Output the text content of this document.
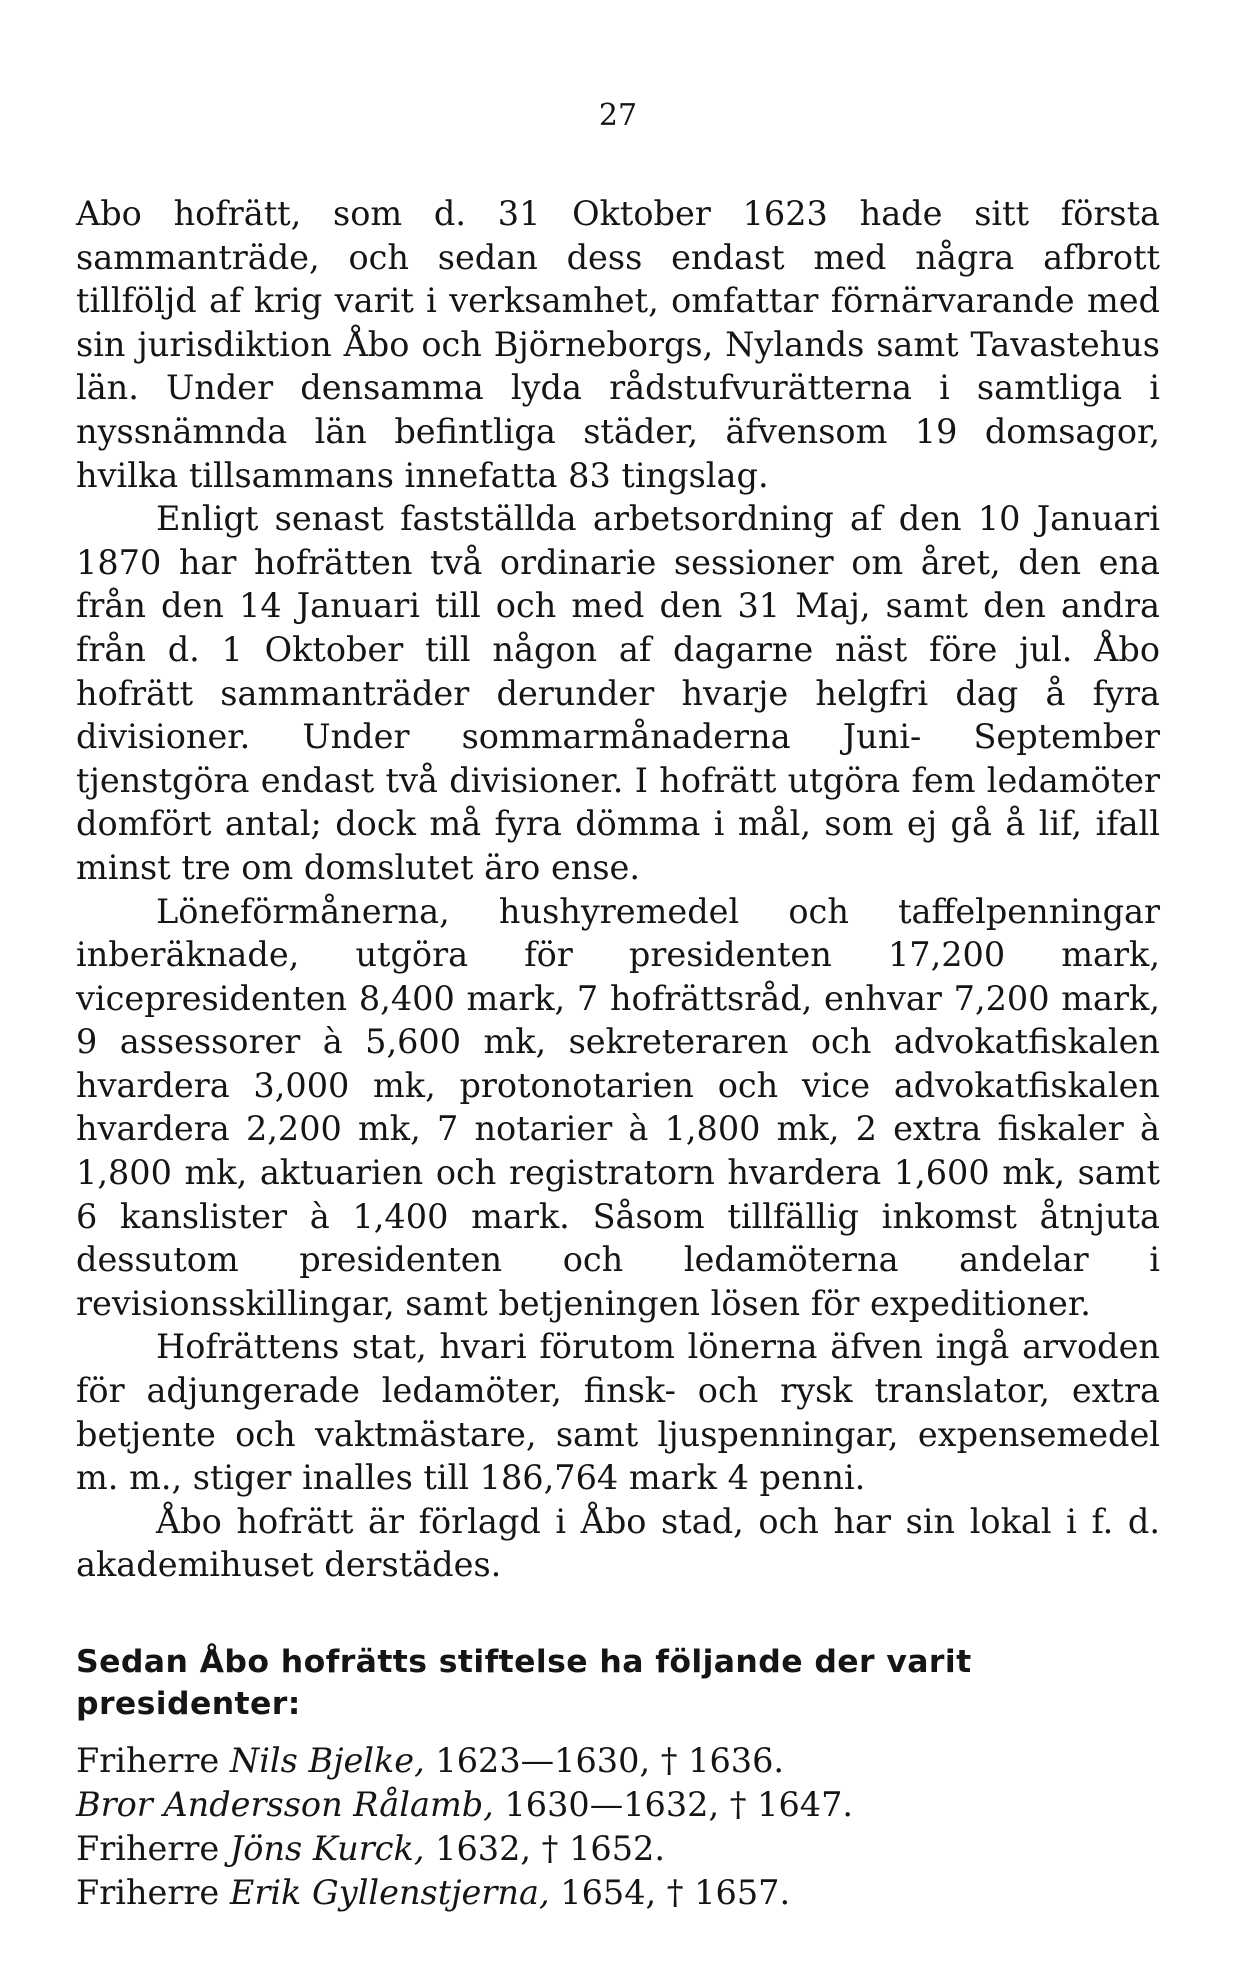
27

Abo hofrätt, som d. 31 Oktober 1623 hade sitt första sammanträde, och sedan dess endast med några afbrott tillföljd af krig varit i verksamhet, omfattar förnärvarande med sin jurisdiktion Åbo och Björneborgs, Nylands samt Tavastehus län. Under densamma lyda rådstufvurätterna i samtliga i nyssnämnda län befintliga städer, äfvensom 19 domsagor, hvilka tillsammans innefatta 83 tingslag.

Enligt senast fastställda arbetsordning af den 10 Januari 1870 har hofrätten två ordinarie sessioner om året, den ena från den 14 Januari till och med den 31 Maj, samt den andra från d. 1 Oktober till någon af dagarne näst före jul. Åbo hofrätt sammanträder derunder hvarje helgfri dag å fyra divisioner. Under sommarmånaderna Juni- September tjenstgöra endast två divisioner. I hofrätt utgöra fem ledamöter domfört antal; dock må fyra dömma i mål, som ej gå å lif, ifall minst tre om domslutet äro ense.

Löneförmånerna, hushyremedel och taffelpenningar inberäknade, utgöra för presidenten 17,200 mark, vicepresidenten 8,400 mark, 7 hofrättsråd, enhvar 7,200 mark, 9 assessorer à 5,600 mk, sekreteraren och advokatfiskalen hvardera 3,000 mk, protonotarien och vice advokatfiskalen hvardera 2,200 mk, 7 notarier à 1,800 mk, 2 extra fiskaler à 1,800 mk, aktuarien och registratorn hvardera 1,600 mk, samt 6 kanslister à 1,400 mark. Såsom tillfällig inkomst åtnjuta dessutom presidenten och ledamöterna andelar i revisionsskillingar, samt betjeningen lösen för expeditioner.

Hofrättens stat, hvari förutom lönerna äfven ingå arvoden för adjungerade ledamöter, finsk- och rysk translator, extra betjente och vaktmästare, samt ljuspenningar, expensemedel m. m., stiger inalles till 186,764 mark 4 penni.

Åbo hofrätt är förlagd i Åbo stad, och har sin lokal i f. d. akademihuset derstädes.

Sedan Åbo hofrätts stiftelse ha följande der varit presidenter:
Friherre Nils Bjelke, 1623—1630, † 1636.
Bror Andersson Rålamb, 1630—1632, † 1647.
Friherre Jöns Kurck, 1632, † 1652.
Friherre Erik Gyllenstjerna, 1654, † 1657.
